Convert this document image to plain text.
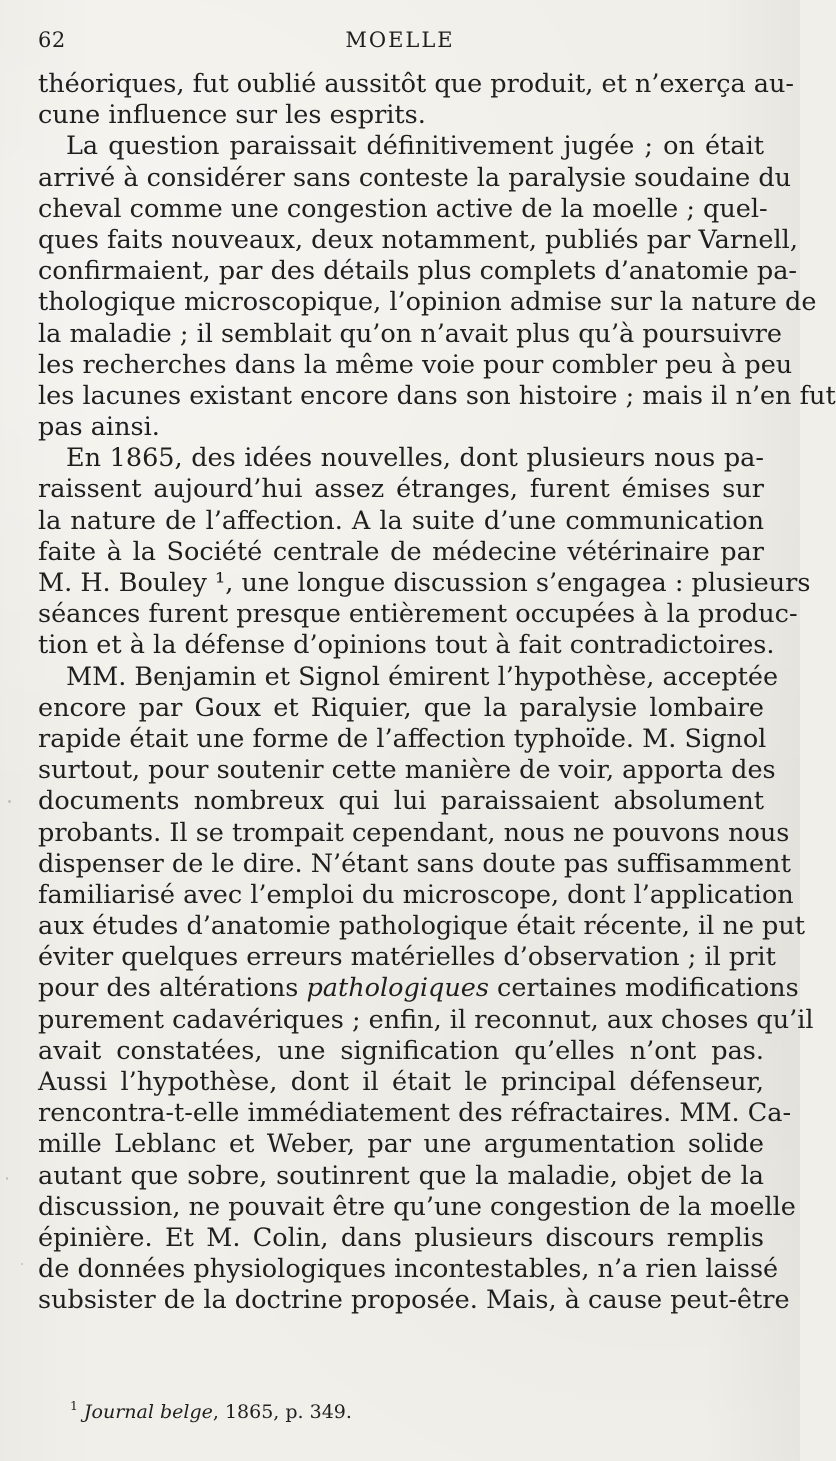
62	MOELLE
théoriques, fut oublié aussitôt que produit, et n’exerça au-
cune influence sur les esprits.
La question paraissait définitivement jugée ; on était
arrivé à considérer sans conteste la paralysie soudaine du
cheval comme une congestion active de la moelle ; quel-
ques faits nouveaux, deux notamment, publiés par Varnell,
confirmaient, par des détails plus complets d’anatomie pa-
thologique microscopique, l’opinion admise sur la nature de
la maladie ; il semblait qu’on n’avait plus qu’à poursuivre
les recherches dans la même voie pour combler peu à peu
les lacunes existant encore dans son histoire ; mais il n’en fut
pas ainsi.
En 1865, des idées nouvelles, dont plusieurs nous pa-
raissent aujourd’hui assez étranges, furent émises sur
la nature de l’affection. A la suite d’une communication
faite à la Société centrale de médecine vétérinaire par
M. H. Bouley ¹, une longue discussion s’engagea : plusieurs
séances furent presque entièrement occupées à la produc-
tion et à la défense d’opinions tout à fait contradictoires.
MM. Benjamin et Signol émirent l’hypothèse, acceptée
encore par Goux et Riquier, que la paralysie lombaire
rapide était une forme de l’affection typhoïde. M. Signol
surtout, pour soutenir cette manière de voir, apporta des
documents nombreux qui lui paraissaient absolument
probants. Il se trompait cependant, nous ne pouvons nous
dispenser de le dire. N’étant sans doute pas suffisamment
familiarisé avec l’emploi du microscope, dont l’application
aux études d’anatomie pathologique était récente, il ne put
éviter quelques erreurs matérielles d’observation ; il prit
pour des altérations pathologiques certaines modifications
purement cadavériques ; enfin, il reconnut, aux choses qu’il
avait constatées, une signification qu’elles n’ont pas.
Aussi l’hypothèse, dont il était le principal défenseur,
rencontra-t-elle immédiatement des réfractaires. MM. Ca-
mille Leblanc et Weber, par une argumentation solide
autant que sobre, soutinrent que la maladie, objet de la
discussion, ne pouvait être qu’une congestion de la moelle
épinière. Et M. Colin, dans plusieurs discours remplis
de données physiologiques incontestables, n’a rien laissé
subsister de la doctrine proposée. Mais, à cause peut-être
$^1$ Journal belge, 1865, p. 349.
